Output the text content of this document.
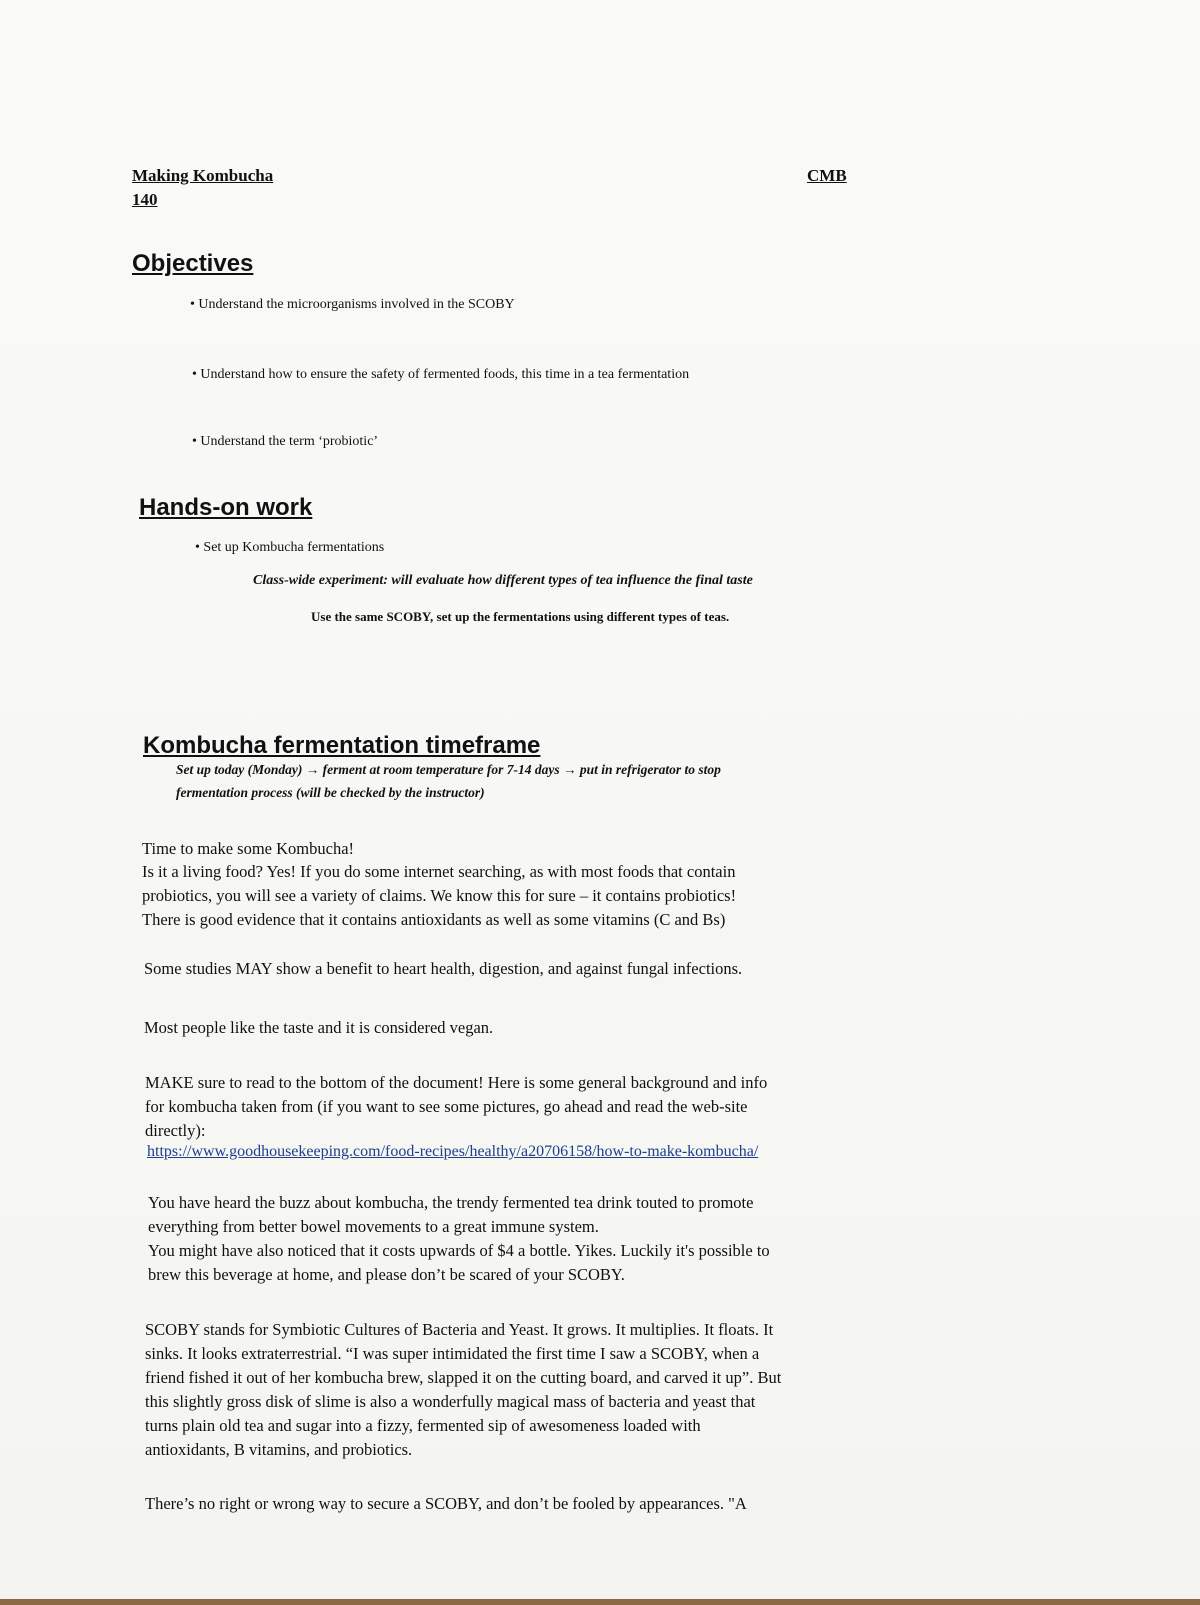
Making Kombucha	CMB
140
Objectives
• Understand the microorganisms involved in the SCOBY
• Understand how to ensure the safety of fermented foods, this time in a tea fermentation
• Understand the term ‘probiotic’
Hands-on work
• Set up Kombucha fermentations
Class-wide experiment: will evaluate how different types of tea influence the final taste
Use the same SCOBY, set up the fermentations using different types of teas.
Kombucha fermentation timeframe
Set up today (Monday) → ferment at room temperature for 7-14 days → put in refrigerator to stop
fermentation process (will be checked by the instructor)
Time to make some Kombucha!
Is it a living food? Yes! If you do some internet searching, as with most foods that contain
probiotics, you will see a variety of claims. We know this for sure – it contains probiotics!
There is good evidence that it contains antioxidants as well as some vitamins (C and Bs)
Some studies MAY show a benefit to heart health, digestion, and against fungal infections.
Most people like the taste and it is considered vegan.
MAKE sure to read to the bottom of the document! Here is some general background and info
for kombucha taken from (if you want to see some pictures, go ahead and read the web-site
directly):
https://www.goodhousekeeping.com/food-recipes/healthy/a20706158/how-to-make-kombucha/
You have heard the buzz about kombucha, the trendy fermented tea drink touted to promote
everything from better bowel movements to a great immune system.
You might have also noticed that it costs upwards of $4 a bottle. Yikes. Luckily it's possible to
brew this beverage at home, and please don’t be scared of your SCOBY.
SCOBY stands for Symbiotic Cultures of Bacteria and Yeast. It grows. It multiplies. It floats. It
sinks. It looks extraterrestrial. “I was super intimidated the first time I saw a SCOBY, when a
friend fished it out of her kombucha brew, slapped it on the cutting board, and carved it up”. But
this slightly gross disk of slime is also a wonderfully magical mass of bacteria and yeast that
turns plain old tea and sugar into a fizzy, fermented sip of awesomeness loaded with
antioxidants, B vitamins, and probiotics.
There’s no right or wrong way to secure a SCOBY, and don’t be fooled by appearances. "A
